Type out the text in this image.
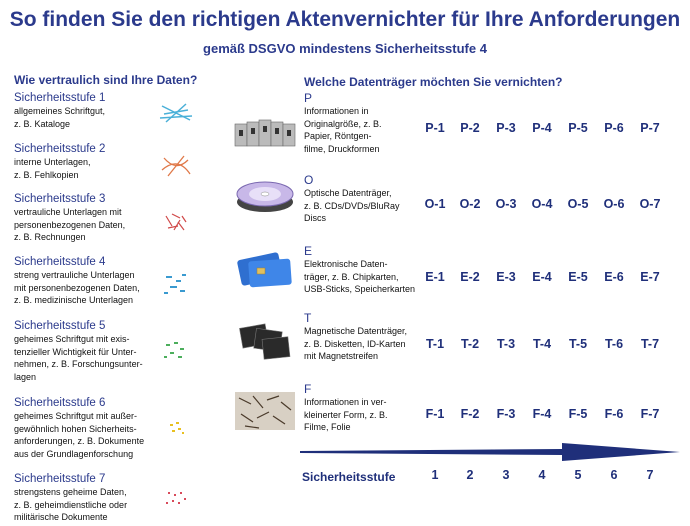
So finden Sie den richtigen Aktenvernichter für Ihre Anforderungen
gemäß DSGVO mindestens Sicherheitsstufe 4
Wie vertraulich sind Ihre Daten?	Welche Datenträger möchten Sie vernichten?
Sicherheitsstufe 1
allgemeines Schriftgut,
z. B. Kataloge
Sicherheitsstufe 2
interne Unterlagen,
z. B. Fehlkopien
Sicherheitsstufe 3
vertrauliche Unterlagen mit
personenbezogenen Daten,
z. B. Rechnungen
Sicherheitsstufe 4
streng vertrauliche Unterlagen
mit personenbezogenen Daten,
z. B. medizinische Unterlagen
Sicherheitsstufe 5
geheimes Schriftgut mit exis-
tenzieller Wichtigkeit für Unter-
nehmen, z. B. Forschungsunter-
lagen
Sicherheitsstufe 6
geheimes Schriftgut mit außer-
gewöhnlich hohen Sicherheits-
anforderungen, z. B. Dokumente
aus der Grundlagenforschung
Sicherheitsstufe 7
strengstens geheime Daten,
z. B. geheimdienstliche oder
militärische Dokumente
P
Informationen in
Originalgröße, z. B.
Papier, Röntgen-
filme, Druckformen
O
Optische Datenträger,
z. B. CDs/DVDs/BluRay
Discs
E
Elektronische Daten-
träger, z. B. Chipkarten,
USB-Sticks, Speicherkarten
T
Magnetische Datenträger,
z. B. Disketten, ID-Karten
mit Magnetstreifen
F
Informationen in ver-
kleinerter Form, z. B.
Filme, Folie
P-1	P-2	P-3	P-4	P-5	P-6	P-7
O-1	O-2	O-3	O-4	O-5	O-6	O-7
E-1	E-2	E-3	E-4	E-5	E-6	E-7
T-1	T-2	T-3	T-4	T-5	T-6	T-7
F-1	F-2	F-3	F-4	F-5	F-6	F-7
Sicherheitsstufe	1	2	3	4	5	6	7
